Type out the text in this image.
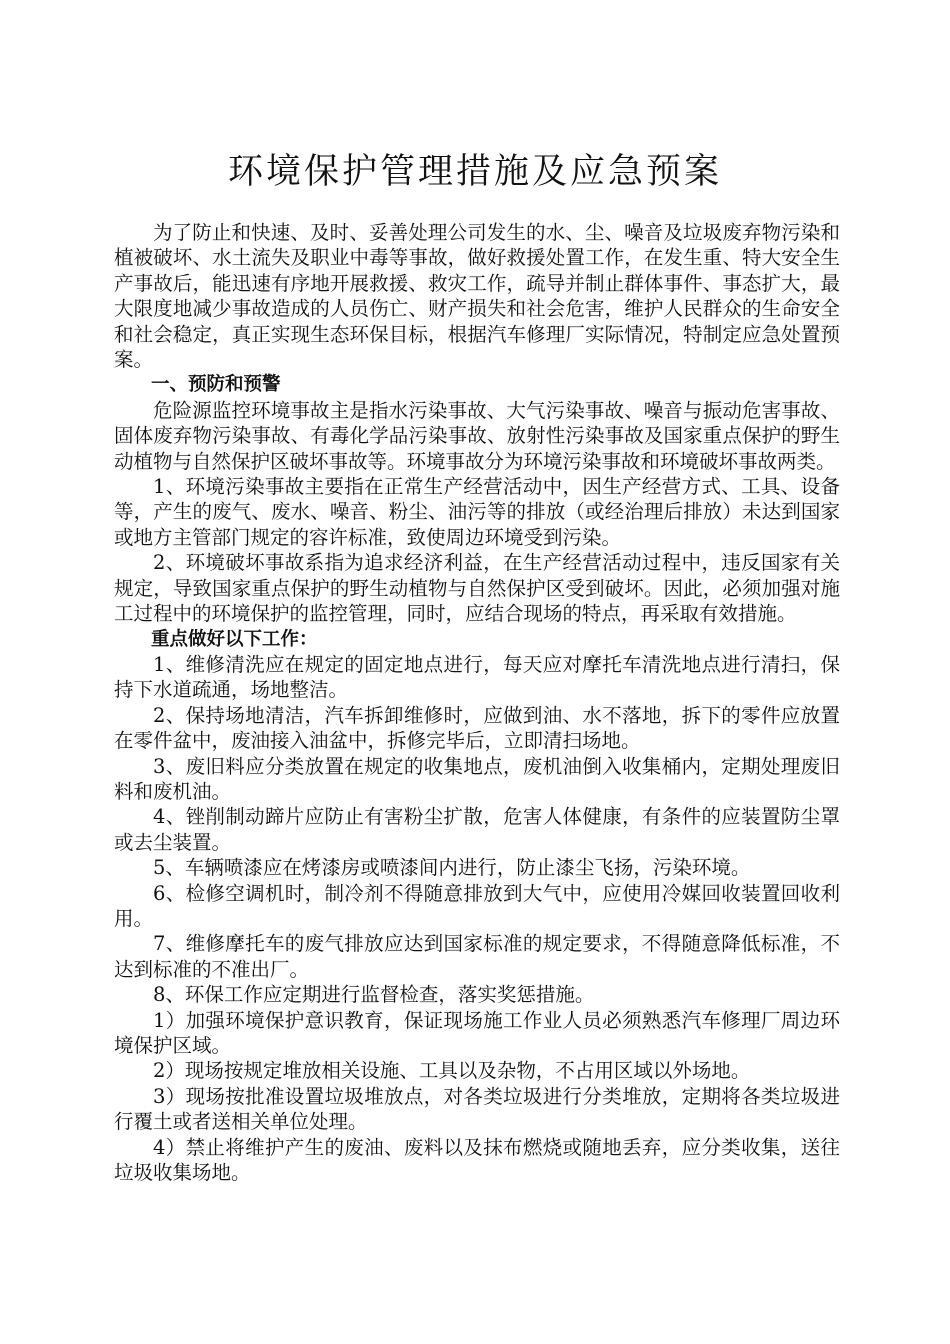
环境保护管理措施及应急预案

为了防止和快速、及时、妥善处理公司发生的水、尘、噪音及垃圾废弃物污染和植被破坏、水土流失及职业中毒等事故，做好救援处置工作，在发生重、特大安全生产事故后，能迅速有序地开展救援、救灾工作，疏导并制止群体事件、事态扩大，最大限度地减少事故造成的人员伤亡、财产损失和社会危害，维护人民群众的生命安全和社会稳定，真正实现生态环保目标，根据汽车修理厂实际情况，特制定应急处置预案。

一、预防和预警

危险源监控环境事故主是指水污染事故、大气污染事故、噪音与振动危害事故、固体废弃物污染事故、有毒化学品污染事故、放射性污染事故及国家重点保护的野生动植物与自然保护区破坏事故等。环境事故分为环境污染事故和环境破坏事故两类。

1、环境污染事故主要指在正常生产经营活动中，因生产经营方式、工具、设备等，产生的废气、废水、噪音、粉尘、油污等的排放（或经治理后排放）未达到国家或地方主管部门规定的容许标准，致使周边环境受到污染。

2、环境破坏事故系指为追求经济利益，在生产经营活动过程中，违反国家有关规定，导致国家重点保护的野生动植物与自然保护区受到破坏。因此，必须加强对施工过程中的环境保护的监控管理，同时，应结合现场的特点，再采取有效措施。

重点做好以下工作：

1、维修清洗应在规定的固定地点进行，每天应对摩托车清洗地点进行清扫，保持下水道疏通，场地整洁。

2、保持场地清洁，汽车拆卸维修时，应做到油、水不落地，拆下的零件应放置在零件盆中，废油接入油盆中，拆修完毕后，立即清扫场地。

3、废旧料应分类放置在规定的收集地点，废机油倒入收集桶内，定期处理废旧料和废机油。

4、锉削制动蹄片应防止有害粉尘扩散，危害人体健康，有条件的应装置防尘罩或去尘装置。

5、车辆喷漆应在烤漆房或喷漆间内进行，防止漆尘飞扬，污染环境。

6、检修空调机时，制冷剂不得随意排放到大气中，应使用冷媒回收装置回收利用。

7、维修摩托车的废气排放应达到国家标准的规定要求，不得随意降低标准，不达到标准的不准出厂。

8、环保工作应定期进行监督检查，落实奖惩措施。

1）加强环境保护意识教育，保证现场施工作业人员必须熟悉汽车修理厂周边环境保护区域。

2）现场按规定堆放相关设施、工具以及杂物，不占用区域以外场地。

3）现场按批准设置垃圾堆放点，对各类垃圾进行分类堆放，定期将各类垃圾进行覆土或者送相关单位处理。

4）禁止将维护产生的废油、废料以及抹布燃烧或随地丢弃，应分类收集，送往垃圾收集场地。
